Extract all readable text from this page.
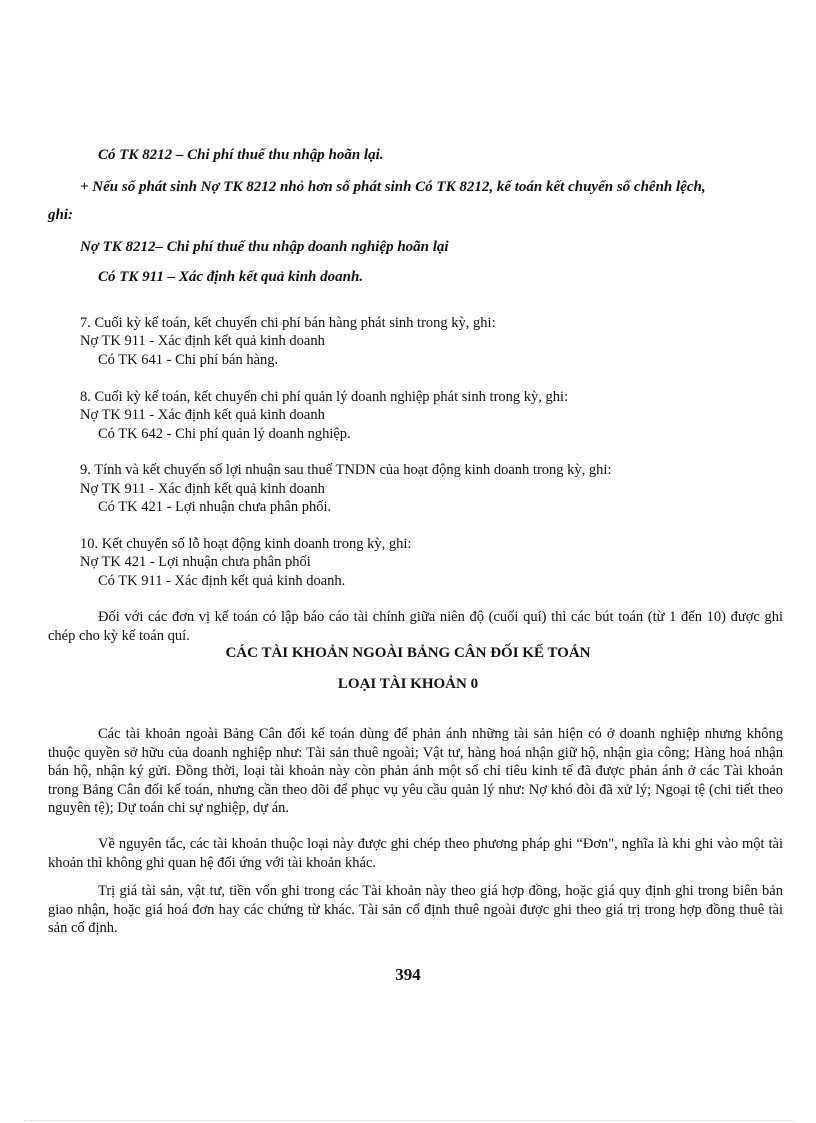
Có TK 8212 – Chi phí thuế thu nhập hoãn lại.
+ Nếu số phát sinh Nợ TK 8212 nhỏ hơn số phát sinh Có TK 8212, kế toán kết chuyển số chênh lệch,
ghi:
Nợ TK 8212– Chi phí thuế thu nhập doanh nghiệp hoãn lại
Có TK 911 – Xác định kết quả kinh doanh.
7. Cuối kỳ kế toán, kết chuyển chi phí bán hàng phát sinh trong kỳ, ghi:
Nợ TK 911 - Xác định kết quả kinh doanh
Có TK 641 - Chi phí bán hàng.
8. Cuối kỳ kế toán, kết chuyển chi phí quản lý doanh nghiệp phát sinh trong kỳ, ghi:
Nợ TK 911 - Xác định kết quả kinh doanh
Có TK 642 - Chi phí quản lý doanh nghiệp.
9. Tính và kết chuyển số lợi nhuận sau thuế TNDN của hoạt động kinh doanh trong kỳ, ghi:
Nợ TK 911 - Xác định kết quả kinh doanh
Có TK 421 - Lợi nhuận chưa phân phối.
10. Kết chuyển số lỗ hoạt động kinh doanh trong kỳ, ghi:
Nợ TK 421 - Lợi nhuận chưa phân phối
Có TK 911 - Xác định kết quả kinh doanh.
Đối với các đơn vị kế toán có lập báo cáo tài chính giữa niên độ (cuối quí) thì các bút toán (từ 1 đến 10) được ghi chép cho kỳ kế toán quí.
CÁC TÀI KHOẢN NGOÀI BẢNG CÂN ĐỐI KẾ TOÁN
LOẠI TÀI KHOẢN 0
Các tài khoản ngoài Bảng Cân đối kế toán dùng để phản ánh những tài sản hiện có ở doanh nghiệp nhưng không thuộc quyền sở hữu của doanh nghiệp như: Tài sản thuê ngoài; Vật tư, hàng hoá nhận giữ hộ, nhận gia công; Hàng hoá nhận bán hộ, nhận ký gửi. Đồng thời, loại tài khoản này còn phản ánh một số chỉ tiêu kinh tế đã được phản ánh ở các Tài khoản trong Bảng Cân đối kế toán, nhưng cần theo dõi để phục vụ yêu cầu quản lý như: Nợ khó đòi đã xử lý; Ngoại tệ (chi tiết theo nguyên tệ); Dự toán chi sự nghiệp, dự án.
Về nguyên tắc, các tài khoản thuộc loại này được ghi chép theo phương pháp ghi “Đơn", nghĩa là khi ghi vào một tài khoản thì không ghi quan hệ đối ứng với tài khoản khác.
Trị giá tài sản, vật tư, tiền vốn ghi trong các Tài khoản này theo giá hợp đồng, hoặc giá quy định ghi trong biên bản giao nhận, hoặc giá hoá đơn hay các chứng từ khác. Tài sản cố định thuê ngoài được ghi theo giá trị trong hợp đồng thuê tài sản cố định.
394
